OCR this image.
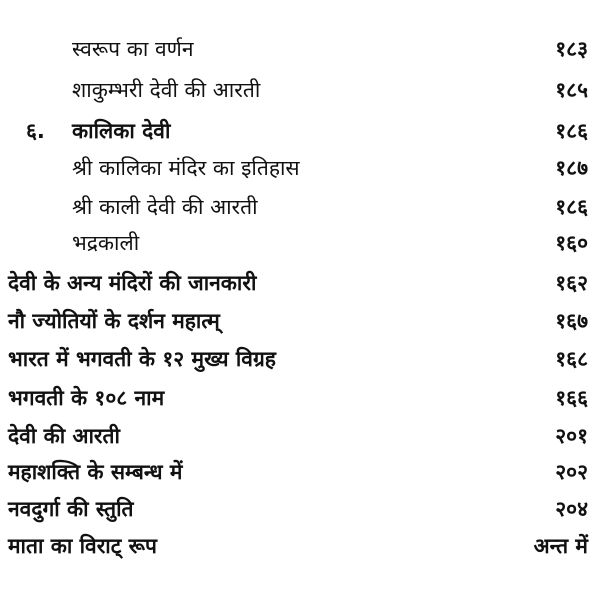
स्वरूप का वर्णन	१८३
शाकुम्भरी देवी की आरती	१८५
६. कालिका देवी	१८६
श्री कालिका मंदिर का इतिहास	१८७
श्री काली देवी की आरती	१८६
भद्रकाली	१६०
देवी के अन्य मंदिरों की जानकारी	१६२
नौ ज्योतियों के दर्शन महात्म्	१६७
भारत में भगवती के १२ मुख्य विग्रह	१६८
भगवती के १०८ नाम	१६६
देवी की आरती	२०१
महाशक्ति के सम्बन्ध में	२०२
नवदुर्गा की स्तुति	२०४
माता का विराट् रूप	अन्त में
